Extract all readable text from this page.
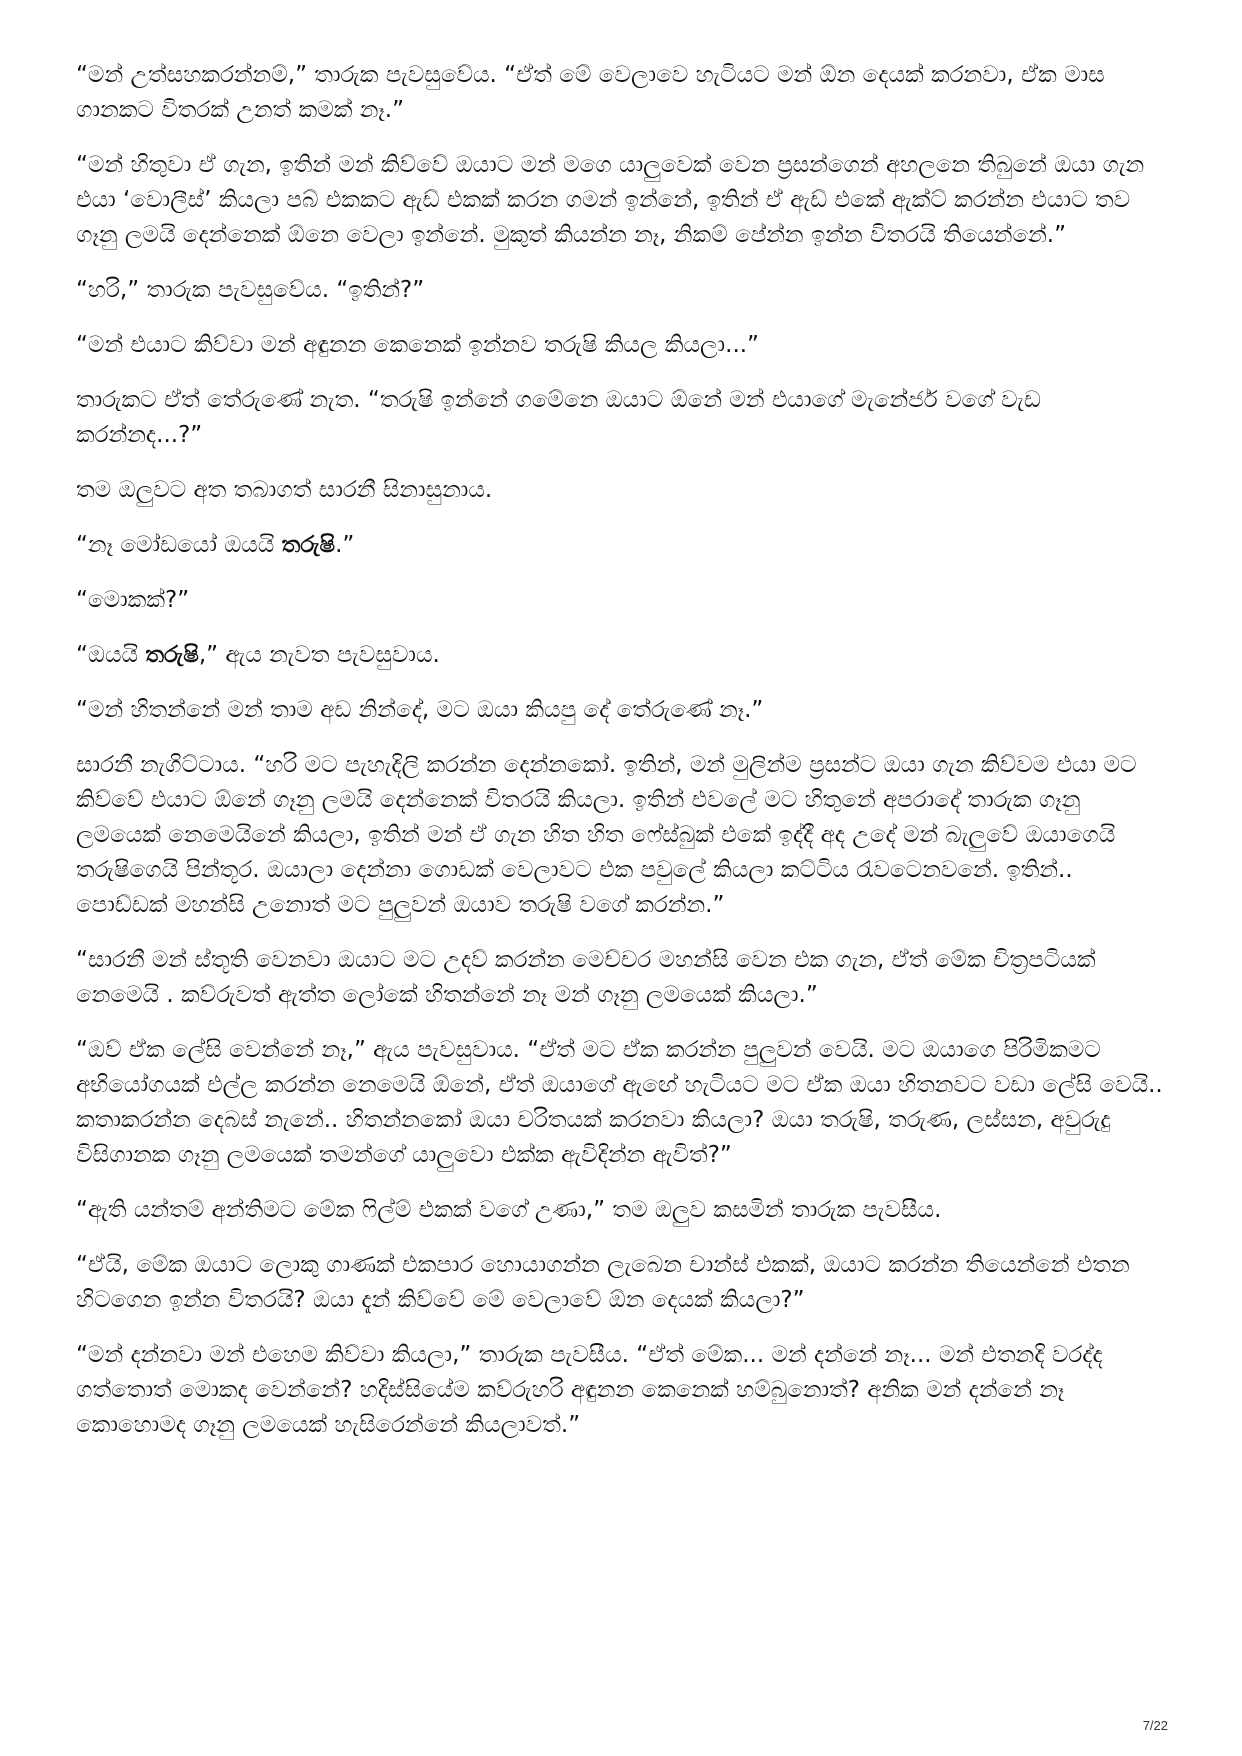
“මන් උත්සහකරන්නම්,” තාරුක පැවසුවේය. “ඒත් මේ වෙලාවෙ හැටියට මන් ඕන දෙයක් කරනවා, ඒක මාස ගානකට විතරක් උනත් කමක් නෑ.”

“මන් හිතුවා ඒ ගැන, ඉතින් මන් කිව්වේ ඔයාට මන් මගෙ යාලුවෙක් වෙන ප්‍රසන්ගෙන් අහලනෙ තිබුනේ ඔයා ගැන එයා ‘වොලීස්’ කියලා පබ් එකකට ඇඩ් එකක් කරන ගමන් ඉන්නේ, ඉතින් ඒ ඇඩ් එකේ ඇක්ට් කරන්න එයාට තව ගෑනු ලමයි දෙන්නෙක් ඕනෙ වෙලා ඉන්නේ. මුකුත් කියන්න නෑ, නිකම් පේන්න ඉන්න විතරයි තියෙන්නේ.”

“හරි,” තාරුක පැවසුවේය. “ඉතින්?”

“මන් එයාට කිව්වා මන් අඳුනන කෙනෙක් ඉන්නව තරුෂි කියල කියලා...”

තාරුකට ඒත් තේරුණේ නැත. “තරුෂි ඉන්නේ ගමේනෙ ඔයාට ඕනේ මන් එයාගේ මැනේජර් වගේ වැඩ කරන්නද...?”

තම ඔලුවට අත තබාගත් සාරනී සිනාසුනාය.

“නෑ මෝඩයෝ ඔයයි තරුෂි.”

“මොකක්?”

“ඔයයි තරුෂි,” ඇය නැවත පැවසුවාය.

“මන් හිතන්නේ මන් තාම අඩ නින්දේ, මට ඔයා කියපු දේ තේරුණේ නෑ.”

සාරනී නැගිට්ටාය. “හරි මට පැහැදිලි කරන්න දෙන්නකෝ. ඉතින්, මන් මුලින්ම ප්‍රසන්ට ඔයා ගැන කිව්වම එයා මට කිව්වේ එයාට ඕනේ ගෑනු ලමයි දෙන්නෙක් විතරයි කියලා. ඉතින් එවලේ මට හිතුනේ අපරාදේ තාරුක ගෑනු ලමයෙක් නෙමෙයිනේ කියලා, ඉතින් මන් ඒ ගැන හිත හිත ෆේස්බුක් එකේ ඉද්දී අද උදේ මන් බැලුවේ ඔයාගෙයි තරුෂිගෙයි පින්තූර. ඔයාලා දෙන්නා ගොඩක් වෙලාවට එක පවුලේ කියලා කට්ටිය රැවටෙනවනේ. ඉතින්.. පොඩ්ඩක් මහන්සි උනොත් මට පුලුවන් ඔයාව තරුෂි වගේ කරන්න.”

“සාරනී මන් ස්තූති වෙනවා ඔයාට මට උදව් කරන්න මෙච්චර මහන්සි වෙන එක ගැන, ඒත් මේක චිත්‍රපටියක් නෙමෙයි . කව්රුවත් ඇත්ත ලෝකේ හිතන්නේ නෑ මන් ගෑනු ලමයෙක් කියලා.”

“ඔව් ඒක ලේසි වෙන්නේ නෑ,” ඇය පැවසුවාය. “ඒත් මට ඒක කරන්න පුලුවන් වෙයි. මට ඔයාගෙ පිරිමිකමට අභියෝගයක් එල්ල කරන්න නෙමෙයි ඕනේ, ඒත් ඔයාගේ ඇඟේ හැටියට මට ඒක ඔයා හිතනවට වඩා ලේසි වෙයි.. කතාකරන්න දෙබස් නැනේ.. හිතන්නකෝ ඔයා චරිතයක් කරනවා කියලා? ඔයා තරුෂි, තරුණ, ලස්සන, අවුරුදු විසිගානක ගෑනු ලමයෙක් තමන්ගේ යාලුවො එක්ක ඇවිදින්න ඇවිත්?”

“ඇති යන්තම් අන්තිමට මේක ෆිල්ම් එකක් වගේ උණා,” තම ඔලුව කසමින් තාරුක පැවසීය.

“ඒයි, මේක ඔයාට ලොකු ගාණක් එකපාර හොයාගන්න ලැබෙන චාන්ස් එකක්, ඔයාට කරන්න තියෙන්නේ එතන හිටගෙන ඉන්න විතරයි? ඔයා දැන් කිව්වේ මේ වෙලාවේ ඕන දෙයක් කියලා?”

“මන් දන්නවා මන් එහෙම කිව්වා කියලා,” තාරුක පැවසීය. “ඒත් මේක... මන් දන්නේ නෑ... මන් එතනදි වරද්ද ගත්තොත් මොකද වෙන්නේ? හදිස්සියේම කව්රුහරි අඳුනන කෙනෙක් හම්බුනොත්? අනික මන් දන්නේ නෑ කොහොමද ගෑනු ලමයෙක් හැසිරෙන්නේ කියලාවත්.”

7/22
